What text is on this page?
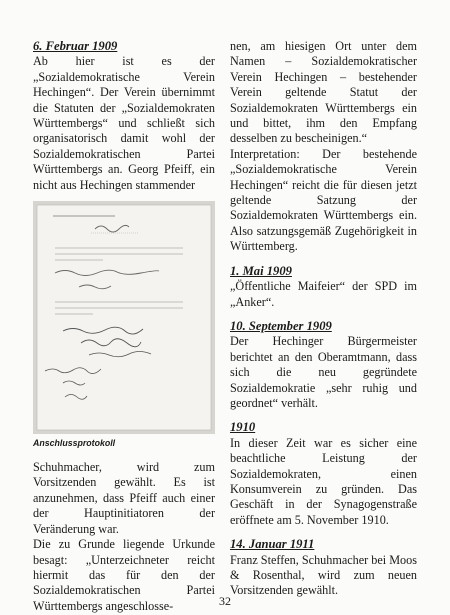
6. Februar 1909

Ab hier ist es der „Sozialdemokratische Verein Hechingen“. Der Verein übernimmt die Statuten der „Sozialdemokraten Württembergs“ und schließt sich organisatorisch damit wohl der Sozialdemokratischen Partei Württembergs an. Georg Pfeiff, ein nicht aus Hechingen stammender

Anschlussprotokoll

Schuhmacher, wird zum Vorsitzenden gewählt. Es ist anzunehmen, dass Pfeiff auch einer der Hauptinitiatoren der Veränderung war.

Die zu Grunde liegende Urkunde besagt: „Unterzeichneter reicht hiermit das für den der Sozialdemokratischen Partei Württembergs angeschlosse-

nen, am hiesigen Ort unter dem Namen – Sozialdemokratischer Verein Hechingen – bestehender Verein geltende Statut der Sozialdemokraten Württembergs ein und bittet, ihm den Empfang desselben zu bescheinigen.“

Interpretation: Der bestehende „Sozialdemokratische Verein Hechingen“ reicht die für diesen jetzt geltende Satzung der Sozialdemokraten Württembergs ein. Also satzungsgemäß Zugehörigkeit in Württemberg.

1. Mai 1909

„Öffentliche Maifeier“ der SPD im „Anker“.

10. September 1909

Der Hechinger Bürgermeister berichtet an den Oberamtmann, dass sich die neu gegründete Sozialdemokratie „sehr ruhig und geordnet“ verhält.

1910

In dieser Zeit war es sicher eine beachtliche Leistung der Sozialdemokraten, einen Konsumverein zu gründen. Das Geschäft in der Synagogenstraße eröffnete am 5. November 1910.

14. Januar 1911

Franz Steffen, Schuhmacher bei Moos & Rosenthal, wird zum neuen Vorsitzenden gewählt.

32
